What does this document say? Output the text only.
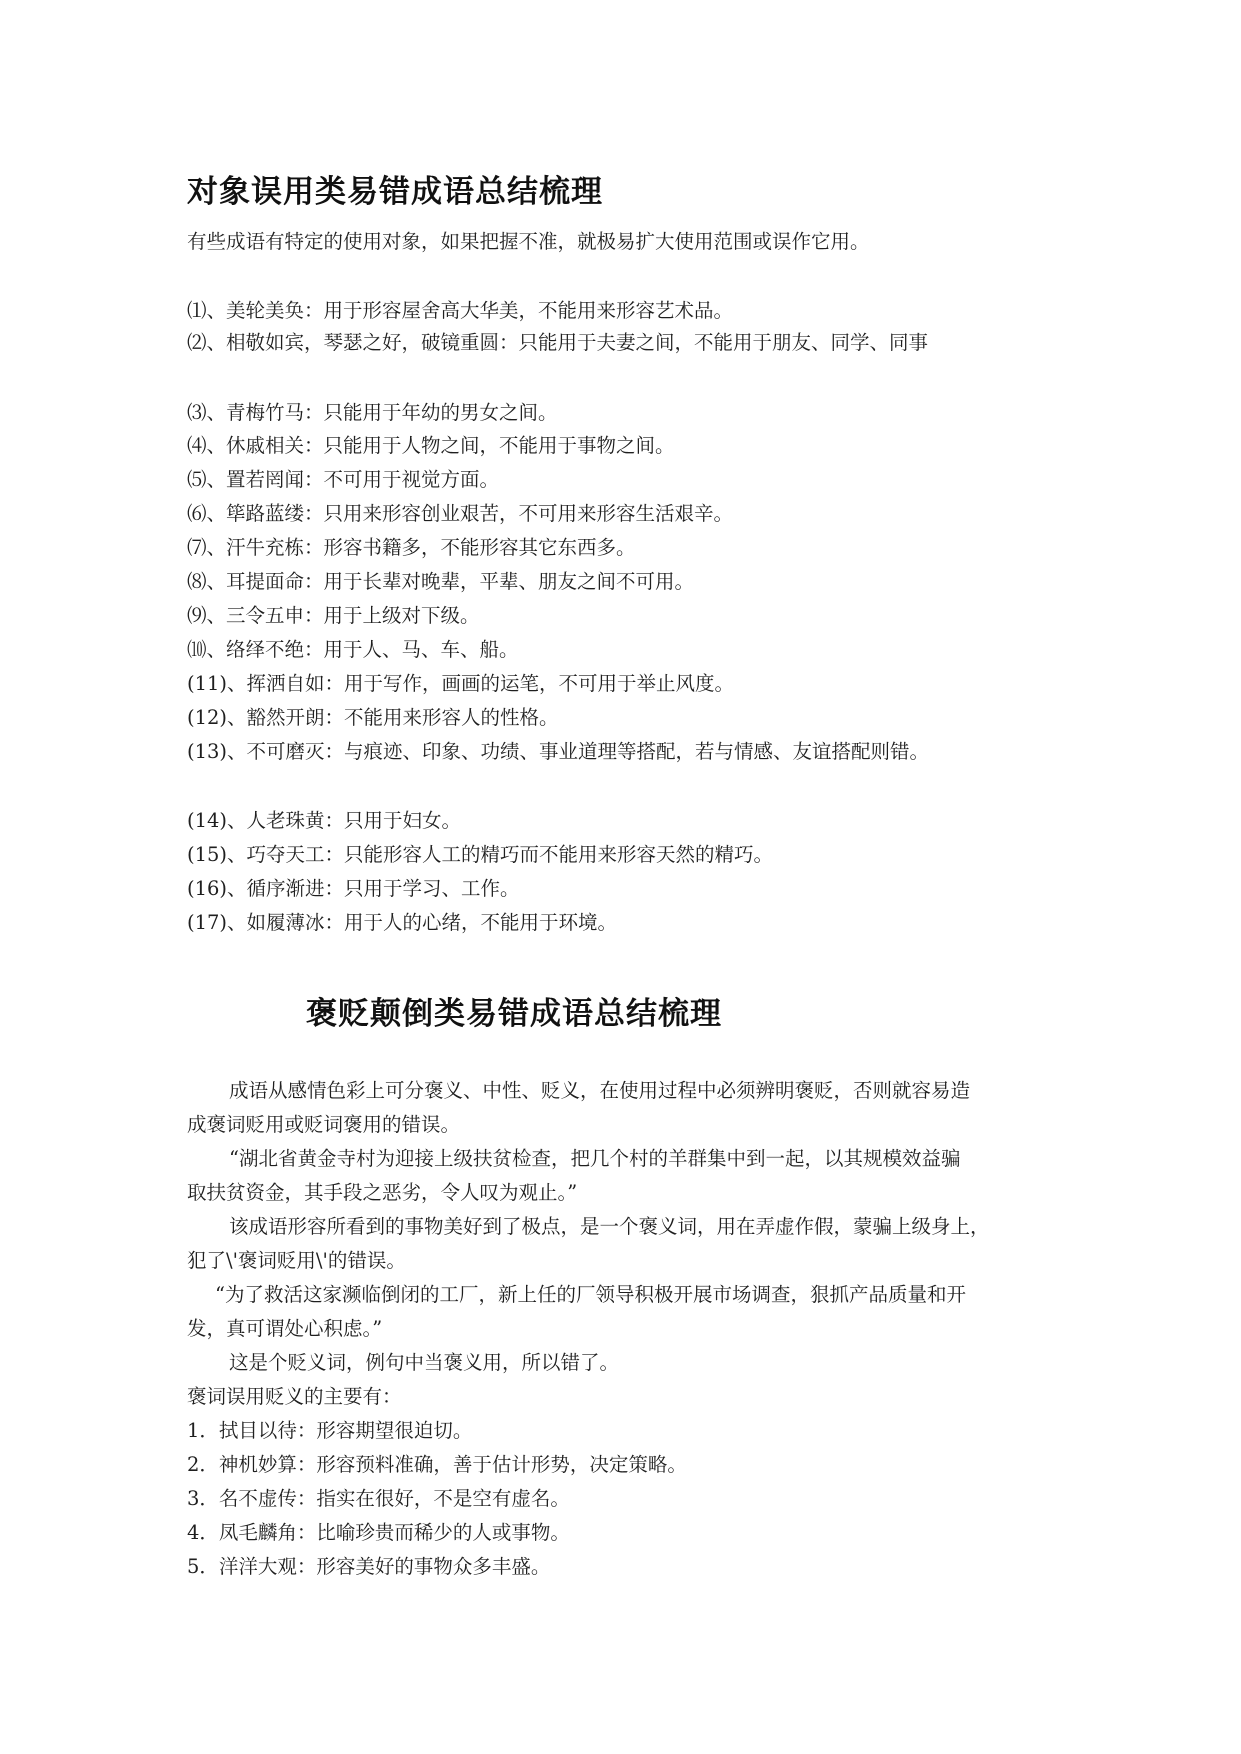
对象误用类易错成语总结梳理

有些成语有特定的使用对象，如果把握不准，就极易扩大使用范围或误作它用。

⑴、美轮美奂：用于形容屋舍高大华美，不能用来形容艺术品。

⑵、相敬如宾，琴瑟之好，破镜重圆：只能用于夫妻之间，不能用于朋友、同学、同事

⑶、青梅竹马：只能用于年幼的男女之间。

⑷、休戚相关：只能用于人物之间，不能用于事物之间。

⑸、置若罔闻：不可用于视觉方面。

⑹、筚路蓝缕：只用来形容创业艰苦，不可用来形容生活艰辛。

⑺、汗牛充栋：形容书籍多，不能形容其它东西多。

⑻、耳提面命：用于长辈对晚辈，平辈、朋友之间不可用。

⑼、三令五申：用于上级对下级。

⑽、络绎不绝：用于人、马、车、船。

(11)、挥洒自如：用于写作，画画的运笔，不可用于举止风度。

(12)、豁然开朗：不能用来形容人的性格。

(13)、不可磨灭：与痕迹、印象、功绩、事业道理等搭配，若与情感、友谊搭配则错。

(14)、人老珠黄：只用于妇女。

(15)、巧夺天工：只能形容人工的精巧而不能用来形容天然的精巧。

(16)、循序渐进：只用于学习、工作。

(17)、如履薄冰：用于人的心绪，不能用于环境。

褒贬颠倒类易错成语总结梳理

成语从感情色彩上可分褒义、中性、贬义，在使用过程中必须辨明褒贬，否则就容易造

成褒词贬用或贬词褒用的错误。

“湖北省黄金寺村为迎接上级扶贫检查，把几个村的羊群集中到一起，以其规模效益骗

取扶贫资金，其手段之恶劣，令人叹为观止。”

该成语形容所看到的事物美好到了极点，是一个褒义词，用在弄虚作假，蒙骗上级身上，

犯了\'褒词贬用\'的错误。

“为了救活这家濒临倒闭的工厂，新上任的厂领导积极开展市场调查，狠抓产品质量和开

发，真可谓处心积虑。”

这是个贬义词，例句中当褒义用，所以错了。

褒词误用贬义的主要有：

1．拭目以待：形容期望很迫切。

2．神机妙算：形容预料准确，善于估计形势，决定策略。

3．名不虚传：指实在很好，不是空有虚名。

4．凤毛麟角：比喻珍贵而稀少的人或事物。

5．洋洋大观：形容美好的事物众多丰盛。
